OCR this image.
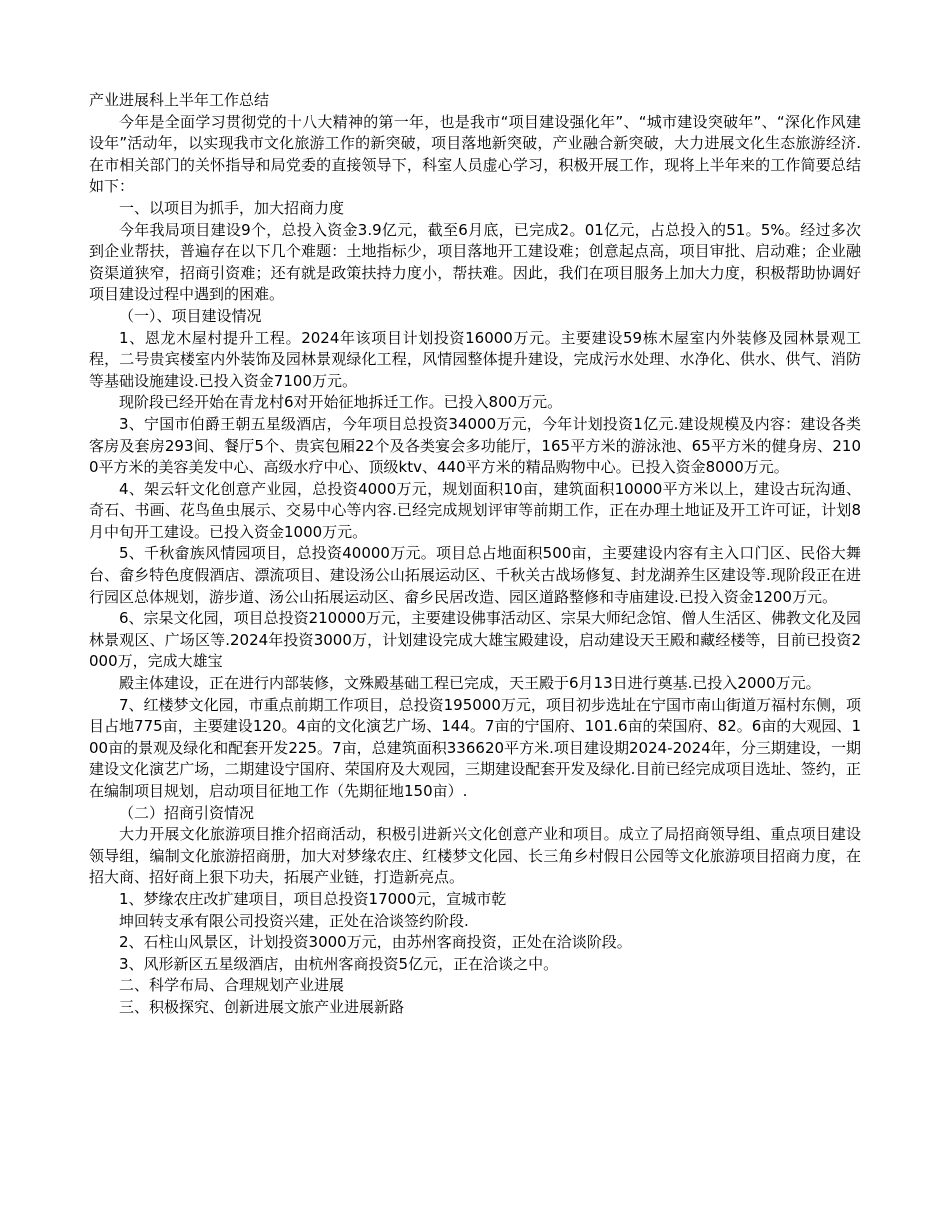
产业进展科上半年工作总结

今年是全面学习贯彻党的十八大精神的第一年，也是我市“项目建设强化年”、“城市建设突破年”、“深化作风建设年”活动年，以实现我市文化旅游工作的新突破，项目落地新突破，产业融合新突破，大力进展文化生态旅游经济.在市相关部门的关怀指导和局党委的直接领导下，科室人员虚心学习，积极开展工作，现将上半年来的工作简要总结如下：

一、以项目为抓手，加大招商力度

今年我局项目建设9个，总投入资金3.9亿元，截至6月底，已完成2。01亿元，占总投入的51。5%。经过多次到企业帮扶，普遍存在以下几个难题：土地指标少，项目落地开工建设难；创意起点高，项目审批、启动难；企业融资渠道狭窄，招商引资难；还有就是政策扶持力度小，帮扶难。因此，我们在项目服务上加大力度，积极帮助协调好项目建设过程中遇到的困难。

（一）、项目建设情况

1、恩龙木屋村提升工程。2024年该项目计划投资16000万元。主要建设59栋木屋室内外装修及园林景观工程，二号贵宾楼室内外装饰及园林景观绿化工程，风情园整体提升建设，完成污水处理、水净化、供水、供气、消防等基础设施建设.已投入资金7100万元。

现阶段已经开始在青龙村6对开始征地拆迁工作。已投入800万元。

3、宁国市伯爵王朝五星级酒店，今年项目总投资34000万元，今年计划投资1亿元.建设规模及内容：建设各类客房及套房293间、餐厅5个、贵宾包厢22个及各类宴会多功能厅，165平方米的游泳池、65平方米的健身房、2100平方米的美容美发中心、高级水疗中心、顶级ktv、440平方米的精品购物中心。已投入资金8000万元。

4、架云轩文化创意产业园，总投资4000万元，规划面积10亩，建筑面积10000平方米以上，建设古玩沟通、奇石、书画、花鸟鱼虫展示、交易中心等内容.已经完成规划评审等前期工作，正在办理土地证及开工许可证，计划8月中旬开工建设。已投入资金1000万元。

5、千秋畲族风情园项目，总投资40000万元。项目总占地面积500亩，主要建设内容有主入口门区、民俗大舞台、畲乡特色度假酒店、漂流项目、建设汤公山拓展运动区、千秋关古战场修复、封龙湖养生区建设等.现阶段正在进行园区总体规划，游步道、汤公山拓展运动区、畲乡民居改造、园区道路整修和寺庙建设.已投入资金1200万元。

6、宗杲文化园，项目总投资210000万元，主要建设佛事活动区、宗杲大师纪念馆、僧人生活区、佛教文化及园林景观区、广场区等.2024年投资3000万，计划建设完成大雄宝殿建设，启动建设天王殿和藏经楼等，目前已投资2000万，完成大雄宝

殿主体建设，正在进行内部装修，文殊殿基础工程已完成，天王殿于6月13日进行奠基.已投入2000万元。

7、红楼梦文化园，市重点前期工作项目，总投资195000万元，项目初步选址在宁国市南山街道万福村东侧，项目占地775亩，主要建设120。4亩的文化演艺广场、144。7亩的宁国府、101.6亩的荣国府、82。6亩的大观园、100亩的景观及绿化和配套开发225。7亩，总建筑面积336620平方米.项目建设期2024-2024年，分三期建设，一期建设文化演艺广场，二期建设宁国府、荣国府及大观园，三期建设配套开发及绿化.目前已经完成项目选址、签约，正在编制项目规划，启动项目征地工作（先期征地150亩）.

（二）招商引资情况

大力开展文化旅游项目推介招商活动，积极引进新兴文化创意产业和项目。成立了局招商领导组、重点项目建设领导组，编制文化旅游招商册，加大对梦缘农庄、红楼梦文化园、长三角乡村假日公园等文化旅游项目招商力度，在招大商、招好商上狠下功夫，拓展产业链，打造新亮点。

1、梦缘农庄改扩建项目，项目总投资17000元，宣城市乾

坤回转支承有限公司投资兴建，正处在洽谈签约阶段.

2、石柱山风景区，计划投资3000万元，由苏州客商投资，正处在洽谈阶段。

3、风形新区五星级酒店，由杭州客商投资5亿元，正在洽谈之中。

二、科学布局、合理规划产业进展

三、积极探究、创新进展文旅产业进展新路
